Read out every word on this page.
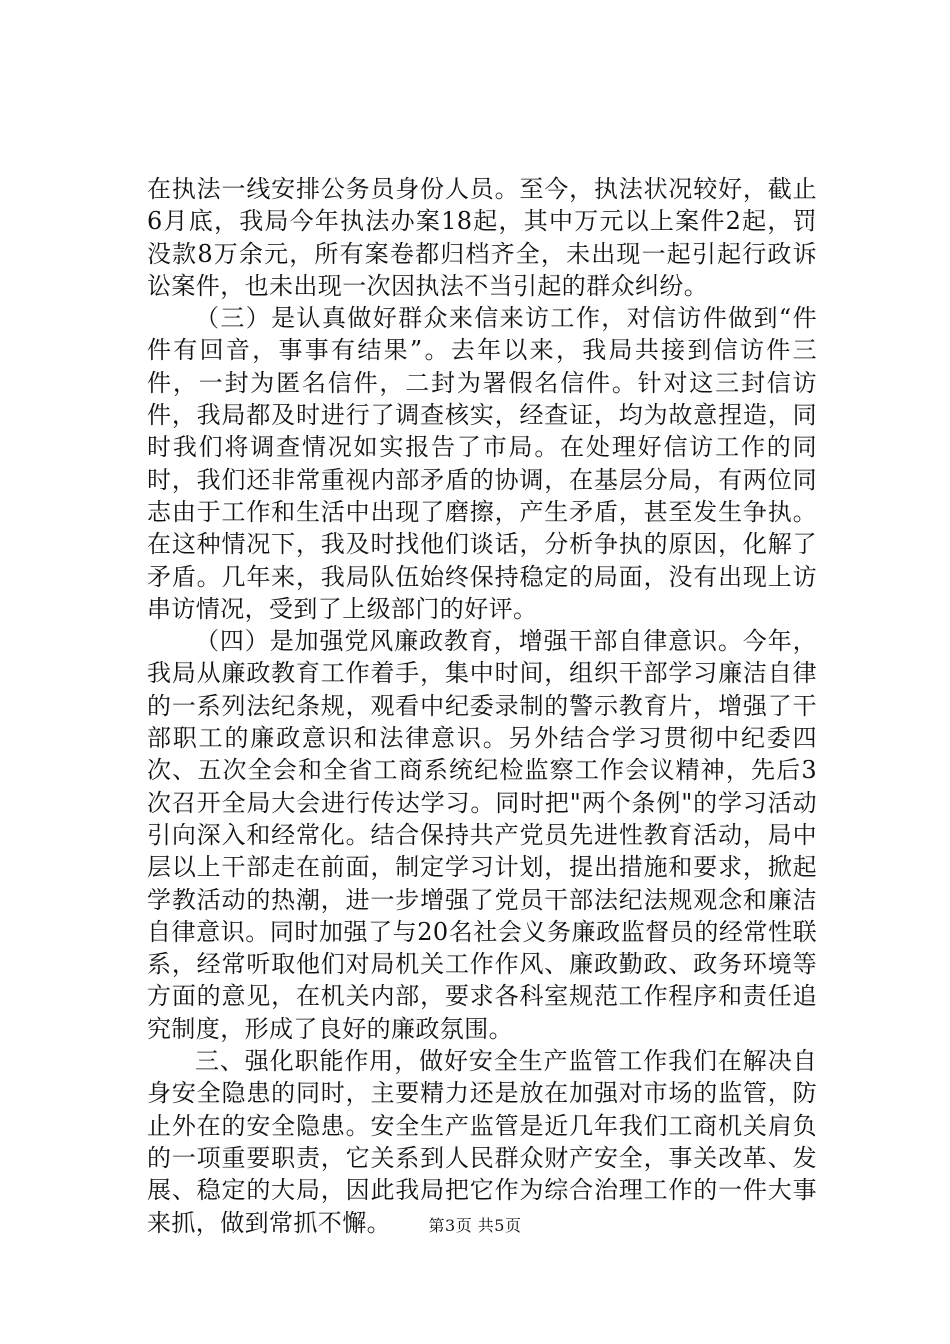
在执法一线安排公务员身份人员。至今，执法状况较好，截止6月底，我局今年执法办案18起，其中万元以上案件2起，罚没款8万余元，所有案卷都归档齐全，未出现一起引起行政诉讼案件，也未出现一次因执法不当引起的群众纠纷。

（三）是认真做好群众来信来访工作，对信访件做到“件件有回音，事事有结果”。去年以来，我局共接到信访件三件，一封为匿名信件，二封为署假名信件。针对这三封信访件，我局都及时进行了调查核实，经查证，均为故意捏造，同时我们将调查情况如实报告了市局。在处理好信访工作的同时，我们还非常重视内部矛盾的协调，在基层分局，有两位同志由于工作和生活中出现了磨擦，产生矛盾，甚至发生争执。在这种情况下，我及时找他们谈话，分析争执的原因，化解了矛盾。几年来，我局队伍始终保持稳定的局面，没有出现上访串访情况，受到了上级部门的好评。

（四）是加强党风廉政教育，增强干部自律意识。今年，我局从廉政教育工作着手，集中时间，组织干部学习廉洁自律的一系列法纪条规，观看中纪委录制的警示教育片，增强了干部职工的廉政意识和法律意识。另外结合学习贯彻中纪委四次、五次全会和全省工商系统纪检监察工作会议精神，先后3次召开全局大会进行传达学习。同时把"两个条例"的学习活动引向深入和经常化。结合保持共产党员先进性教育活动，局中层以上干部走在前面，制定学习计划，提出措施和要求，掀起学教活动的热潮，进一步增强了党员干部法纪法规观念和廉洁自律意识。同时加强了与20名社会义务廉政监督员的经常性联系，经常听取他们对局机关工作作风、廉政勤政、政务环境等方面的意见，在机关内部，要求各科室规范工作程序和责任追究制度，形成了良好的廉政氛围。

三、强化职能作用，做好安全生产监管工作我们在解决自身安全隐患的同时，主要精力还是放在加强对市场的监管，防止外在的安全隐患。安全生产监管是近几年我们工商机关肩负的一项重要职责，它关系到人民群众财产安全，事关改革、发展、稳定的大局，因此我局把它作为综合治理工作的一件大事来抓，做到常抓不懈。	第3页 共5页
